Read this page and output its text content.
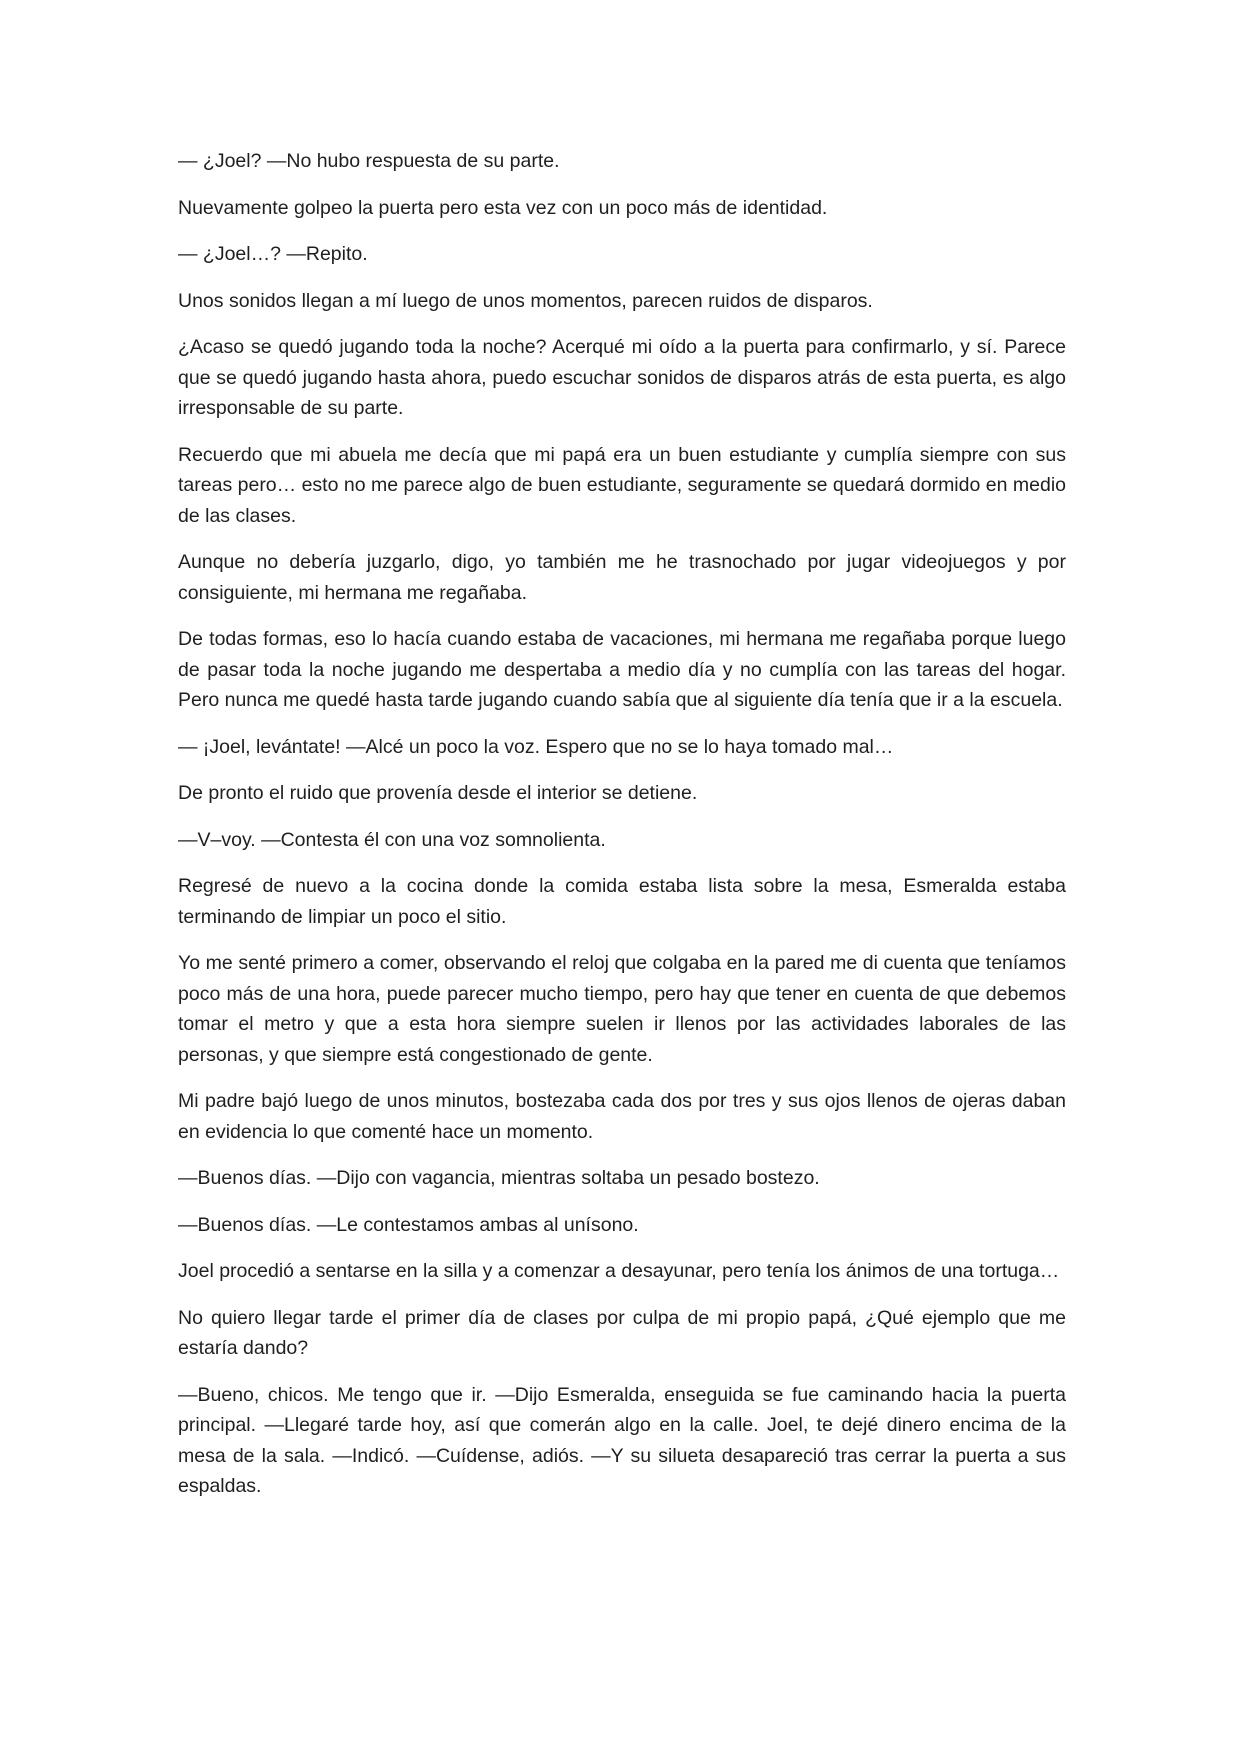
— ¿Joel? —No hubo respuesta de su parte.

Nuevamente golpeo la puerta pero esta vez con un poco más de identidad.

— ¿Joel…? —Repito.

Unos sonidos llegan a mí luego de unos momentos, parecen ruidos de disparos.

¿Acaso se quedó jugando toda la noche? Acerqué mi oído a la puerta para confirmarlo, y sí. Parece que se quedó jugando hasta ahora, puedo escuchar sonidos de disparos atrás de esta puerta, es algo irresponsable de su parte.

Recuerdo que mi abuela me decía que mi papá era un buen estudiante y cumplía siempre con sus tareas pero… esto no me parece algo de buen estudiante, seguramente se quedará dormido en medio de las clases.

Aunque no debería juzgarlo, digo, yo también me he trasnochado por jugar videojuegos y por consiguiente, mi hermana me regañaba.

De todas formas, eso lo hacía cuando estaba de vacaciones, mi hermana me regañaba porque luego de pasar toda la noche jugando me despertaba a medio día y no cumplía con las tareas del hogar. Pero nunca me quedé hasta tarde jugando cuando sabía que al siguiente día tenía que ir a la escuela.

— ¡Joel, levántate! —Alcé un poco la voz. Espero que no se lo haya tomado mal…

De pronto el ruido que provenía desde el interior se detiene.

—V–voy. —Contesta él con una voz somnolienta.

Regresé de nuevo a la cocina donde la comida estaba lista sobre la mesa, Esmeralda estaba terminando de limpiar un poco el sitio.

Yo me senté primero a comer, observando el reloj que colgaba en la pared me di cuenta que teníamos poco más de una hora, puede parecer mucho tiempo, pero hay que tener en cuenta de que debemos tomar el metro y que a esta hora siempre suelen ir llenos por las actividades laborales de las personas, y que siempre está congestionado de gente.

Mi padre bajó luego de unos minutos, bostezaba cada dos por tres y sus ojos llenos de ojeras daban en evidencia lo que comenté hace un momento.

—Buenos días. —Dijo con vagancia, mientras soltaba un pesado bostezo.

—Buenos días. —Le contestamos ambas al unísono.

Joel procedió a sentarse en la silla y a comenzar a desayunar, pero tenía los ánimos de una tortuga…

No quiero llegar tarde el primer día de clases por culpa de mi propio papá, ¿Qué ejemplo que me estaría dando?

—Bueno, chicos. Me tengo que ir. —Dijo Esmeralda, enseguida se fue caminando hacia la puerta principal. —Llegaré tarde hoy, así que comerán algo en la calle. Joel, te dejé dinero encima de la mesa de la sala. —Indicó. —Cuídense, adiós. —Y su silueta desapareció tras cerrar la puerta a sus espaldas.
